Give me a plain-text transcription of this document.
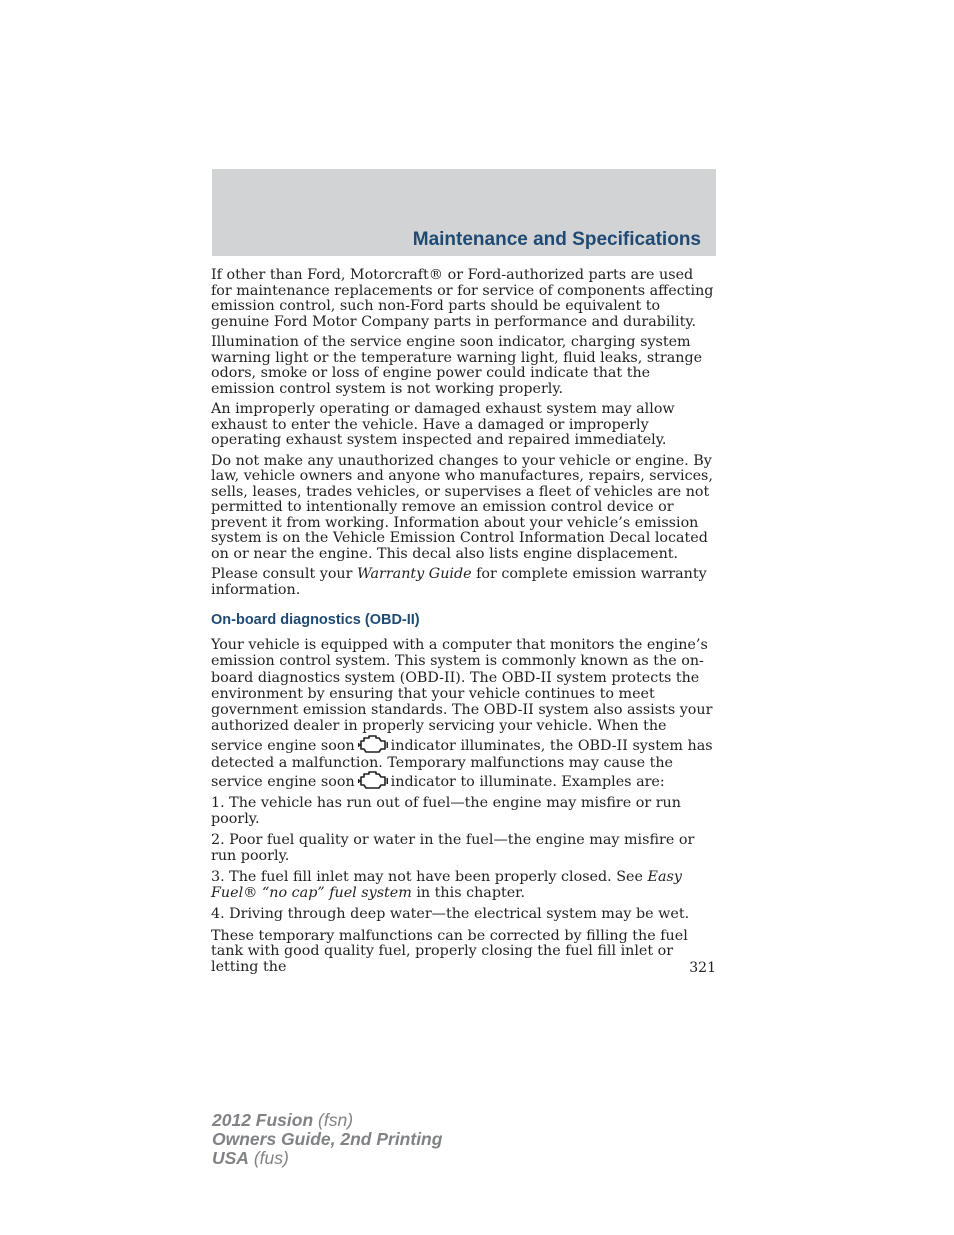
Maintenance and Specifications

If other than Ford, Motorcraft® or Ford-authorized parts are used for maintenance replacements or for service of components affecting emission control, such non-Ford parts should be equivalent to genuine Ford Motor Company parts in performance and durability.

Illumination of the service engine soon indicator, charging system warning light or the temperature warning light, fluid leaks, strange odors, smoke or loss of engine power could indicate that the emission control system is not working properly.

An improperly operating or damaged exhaust system may allow exhaust to enter the vehicle. Have a damaged or improperly operating exhaust system inspected and repaired immediately.

Do not make any unauthorized changes to your vehicle or engine. By law, vehicle owners and anyone who manufactures, repairs, services, sells, leases, trades vehicles, or supervises a fleet of vehicles are not permitted to intentionally remove an emission control device or prevent it from working. Information about your vehicle’s emission system is on the Vehicle Emission Control Information Decal located on or near the engine. This decal also lists engine displacement.

Please consult your Warranty Guide for complete emission warranty information.

On-board diagnostics (OBD-II)

Your vehicle is equipped with a computer that monitors the engine’s emission control system. This system is commonly known as the on-board diagnostics system (OBD-II). The OBD-II system protects the environment by ensuring that your vehicle continues to meet government emission standards. The OBD-II system also assists your authorized dealer in properly servicing your vehicle. When the service engine soon	indicator illuminates, the OBD-II system has detected a malfunction. Temporary malfunctions may cause the service engine soon	indicator to illuminate. Examples are:

1. The vehicle has run out of fuel—the engine may misfire or run poorly.

2. Poor fuel quality or water in the fuel—the engine may misfire or run poorly.

3. The fuel fill inlet may not have been properly closed. See Easy Fuel® “no cap” fuel system in this chapter.

4. Driving through deep water—the electrical system may be wet.

These temporary malfunctions can be corrected by filling the fuel tank with good quality fuel, properly closing the fuel fill inlet or letting the	321
2012 Fusion (fsn)
Owners Guide, 2nd Printing
USA (fus)
